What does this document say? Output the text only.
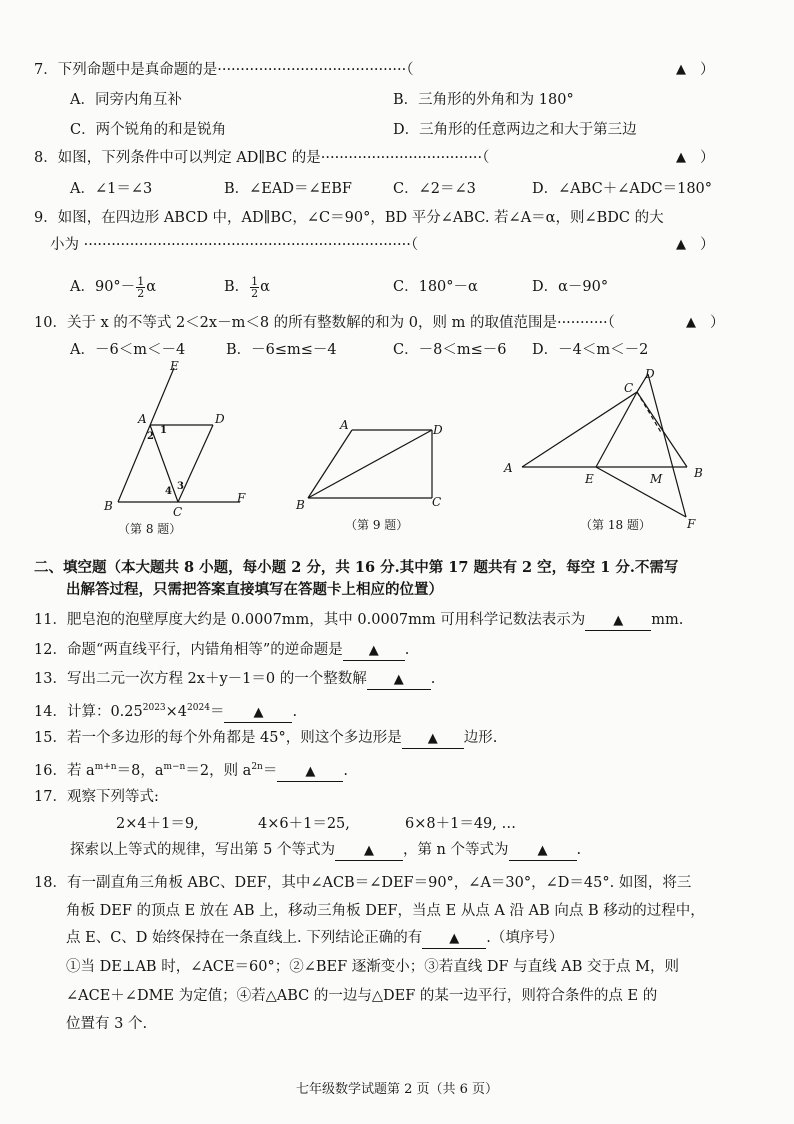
7．下列命题中是真命题的是·········································（	▲ ）
A．同旁内角互补	B．三角形的外角和为 180°
C．两个锐角的和是锐角	D．三角形的任意两边之和大于第三边
8．如图，下列条件中可以判定 AD∥BC 的是···································（	▲ ）
A．∠1＝∠3	B．∠EAD＝∠EBF	C．∠2＝∠3	D．∠ABC＋∠ADC＝180°
9．如图，在四边形 ABCD 中，AD∥BC，∠C＝90°，BD 平分∠ABC. 若∠A＝α，则∠BDC 的大
小为 ·······································································（	▲ ）
A．$90^\circ- \frac{1}{2}$ α	B． $\frac{1}{2}$ α	C．180°－α	D．α－90°
10．关于 x 的不等式 2＜2x－m＜8 的所有整数解的和为 0，则 m 的取值范围是···········（	▲ ）
A．－6＜m＜－4	B．－6≤m≤－4	C．－8＜m≤－6 D．－4＜m＜－2
E
A	D
B	C
F
1
2
3
4
（第 8 题）
A	D
B	C
（第 9 题）
C
D
A	B
E	M
F
（第 18 题）
二、填空题（本大题共 8 小题，每小题 2 分，共 16 分.其中第 17 题共有 2 空，每空 1 分.不需写
出解答过程，只需把答案直接填写在答题卡上相应的位置）
11．肥皂泡的泡壁厚度大约是 0.0007mm，其中 0.0007mm 可用科学记数法表示为 ▲ mm.
12．命题“两直线平行，内错角相等”的逆命题是 ▲ .
13．写出二元一次方程 2x＋y－1＝0 的一个整数解 ▲ .
14．计算：$0.25^{2023}\times 4^{2024}=$ ▲ .
15．若一个多边形的每个外角都是 45°，则这个多边形是 ▲ 边形.
16．若 $a^{m+n}=8$，$a^{m-n}=2$，则 $a^{2n}=$ ▲ .
17．观察下列等式:
2×4＋1＝9,	4×6＋1＝25,	6×8＋1＝49, …
探索以上等式的规律，写出第 5 个等式为 ▲ ，第 n 个等式为 ▲ .
18．有一副直角三角板 ABC、DEF，其中∠ACB＝∠DEF＝90°，∠A＝30°，∠D＝45°. 如图，将三
角板 DEF 的顶点 E 放在 AB 上，移动三角板 DEF，当点 E 从点 A 沿 AB 向点 B 移动的过程中，
点 E、C、D 始终保持在一条直线上. 下列结论正确的有 ▲ .（填序号）
①当 DE⊥AB 时，∠ACE＝60°；②∠BEF 逐渐变小；③若直线 DF 与直线 AB 交于点 M，则
∠ACE＋∠DME 为定值；④若△ABC 的一边与△DEF 的某一边平行，则符合条件的点 E 的
位置有 3 个.
七年级数学试题第 2 页（共 6 页）
